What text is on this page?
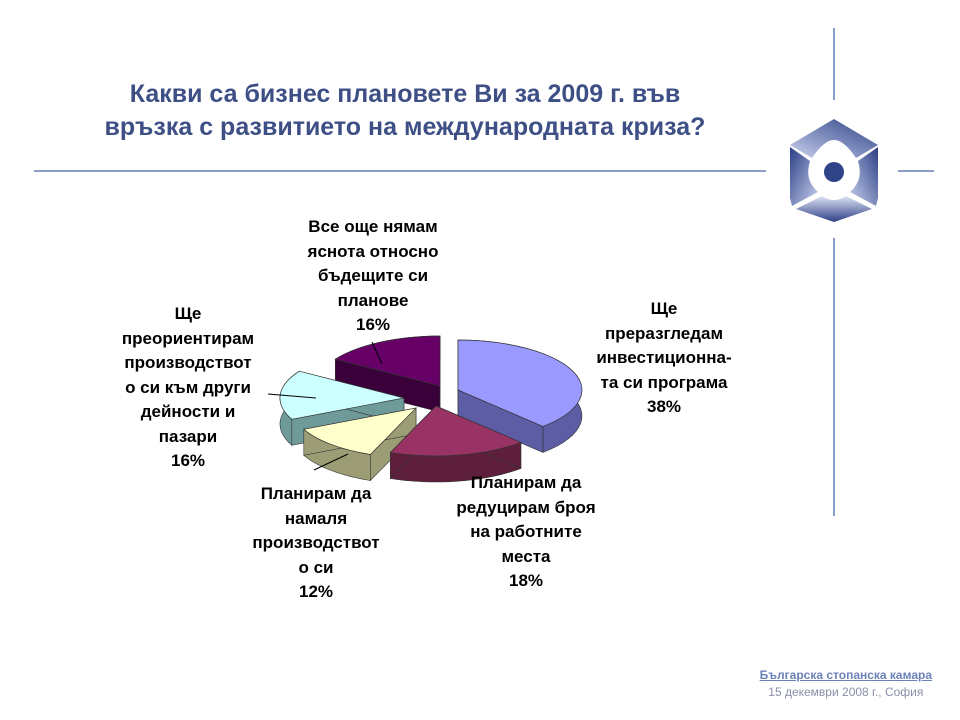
Какви са бизнес плановете Ви за 2009 г. във
връзка с развитието на международната криза?
Ще
преразгледам
инвестиционна-
та си програма
38%
Планирам да
редуцирам броя
на работните
места
18%
Планирам да
намаля
производствот
о си
12%
Ще
преориентирам
производствот
о си към други
дейности и
пазари
16%
Все още нямам
яснота относно
бъдещите си
планове
16%
Българска стопанска камара
15 декември 2008 г., София
